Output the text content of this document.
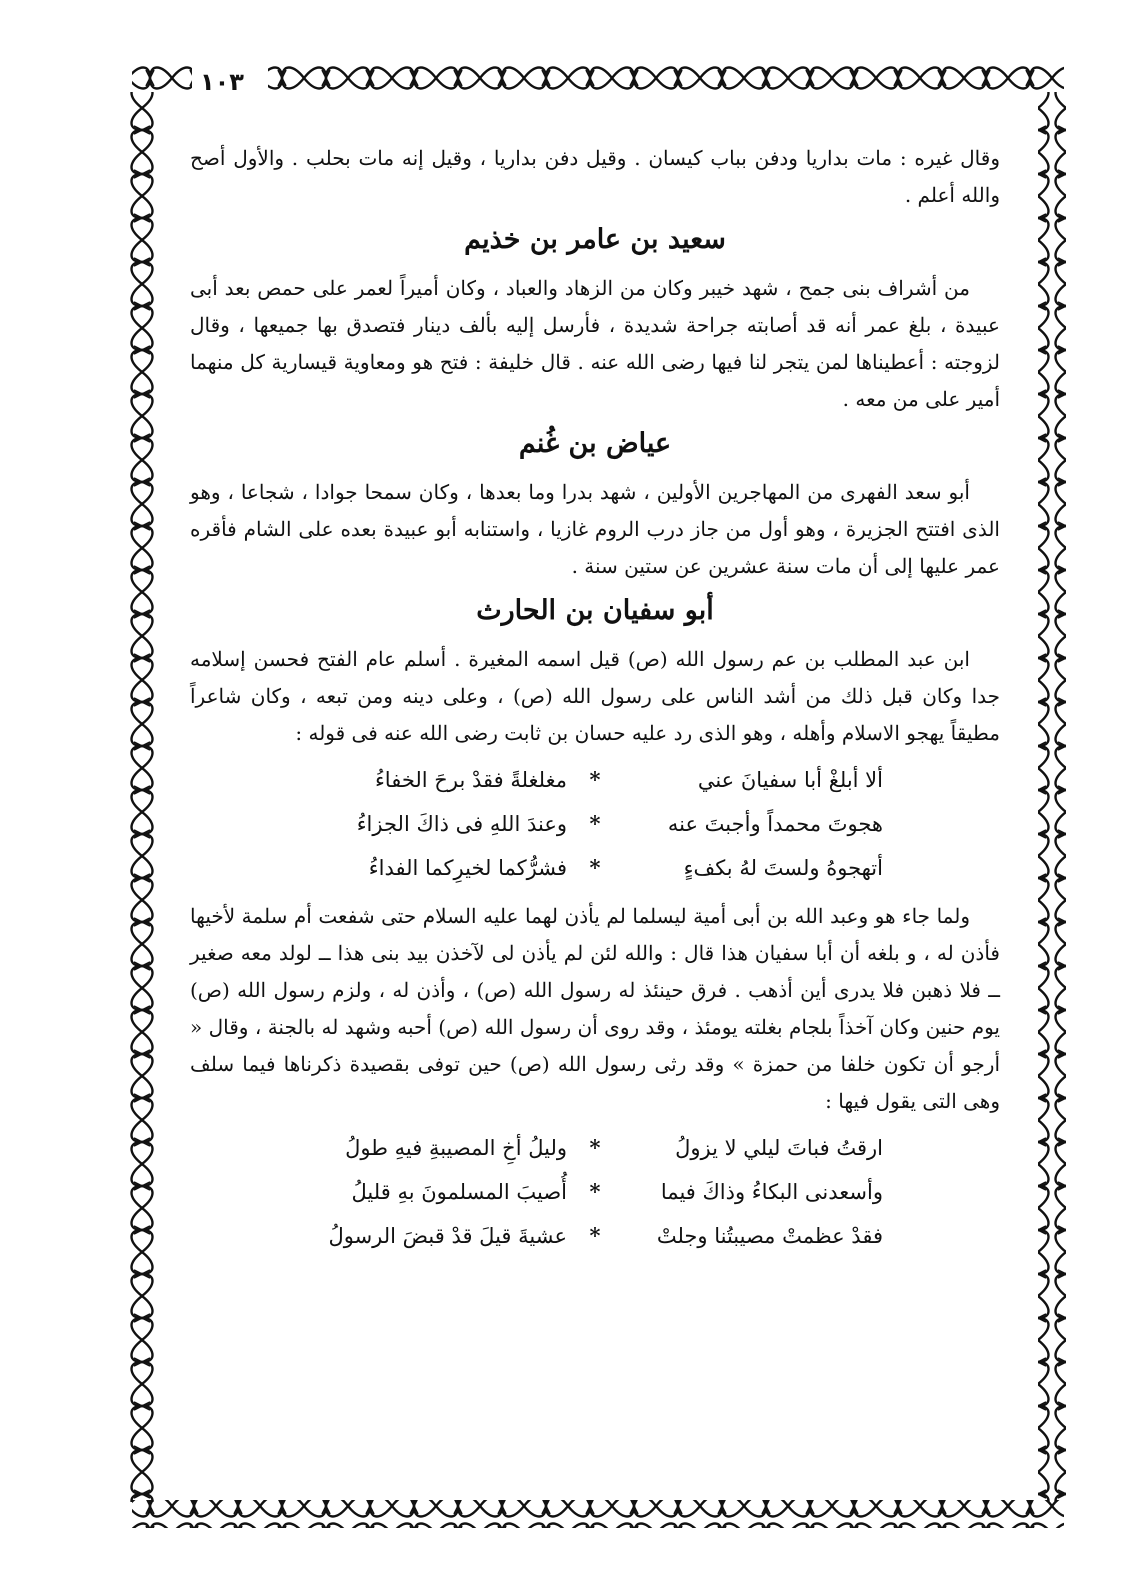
١٠٣

وقال غيره : مات بداريا ودفن بباب كيسان . وقيل دفن بداريا ، وقيل إنه مات بحلب . والأول أصح والله أعلم .

سعيد بن عامر بن خذيم

من أشراف بنى جمح ، شهد خيبر وكان من الزهاد والعباد ، وكان أميراً لعمر على حمص بعد أبى عبيدة ، بلغ عمر أنه قد أصابته جراحة شديدة ، فأرسل إليه بألف دينار فتصدق بها جميعها ، وقال لزوجته : أعطيناها لمن يتجر لنا فيها رضى الله عنه . قال خليفة : فتح هو ومعاوية قيسارية كل منهما أمير على من معه .

عياض بن غُنم

أبو سعد الفهرى من المهاجرين الأولين ، شهد بدرا وما بعدها ، وكان سمحا جوادا ، شجاعا ، وهو الذى افتتح الجزيرة ، وهو أول من جاز درب الروم غازيا ، واستنابه أبو عبيدة بعده على الشام فأقره عمر عليها إلى أن مات سنة عشرين عن ستين سنة .

أبو سفيان بن الحارث

ابن عبد المطلب بن عم رسول الله (ص) قيل اسمه المغيرة . أسلم عام الفتح فحسن إسلامه جدا وكان قبل ذلك من أشد الناس على رسول الله (ص) ، وعلى دينه ومن تبعه ، وكان شاعراً مطيقاً يهجو الاسلام وأهله ، وهو الذى رد عليه حسان بن ثابت رضى الله عنه فى قوله :

ألا أبلغْ أبا سفيانَ عني
*
مغلغلةً فقدْ برحَ الخفاءُ
هجوتَ محمداً وأجبتَ عنه
*
وعندَ اللهِ فى ذاكَ الجزاءُ
أتهجوهُ ولستَ لهُ بكفءٍ
*
فشرُّكما لخيرِكما الفداءُ

ولما جاء هو وعبد الله بن أبى أمية ليسلما لم يأذن لهما عليه السلام حتى شفعت أم سلمة لأخيها فأذن له ، و بلغه أن أبا سفيان هذا قال : والله لئن لم يأذن لى لآخذن بيد بنى هذا ــ لولد معه صغير ــ فلا ذهبن فلا يدرى أين أذهب . فرق حينئذ له رسول الله (ص) ، وأذن له ، ولزم رسول الله (ص) يوم حنين وكان آخذاً بلجام بغلته يومئذ ، وقد روى أن رسول الله (ص) أحبه وشهد له بالجنة ، وقال « أرجو أن تكون خلفا من حمزة » وقد رثى رسول الله (ص) حين توفى بقصيدة ذكرناها فيما سلف وهى التى يقول فيها :

ارقتُ فباتَ ليلي لا يزولُ
*
وليلُ أخِ المصيبةِ فيهِ طولُ
وأسعدنى البكاءُ وذاكَ فيما
*
أُصيبَ المسلمونَ بهِ قليلُ
فقدْ عظمتْ مصيبتُنا وجلتْ
*
عشيةَ قيلَ قدْ قبضَ الرسولُ
